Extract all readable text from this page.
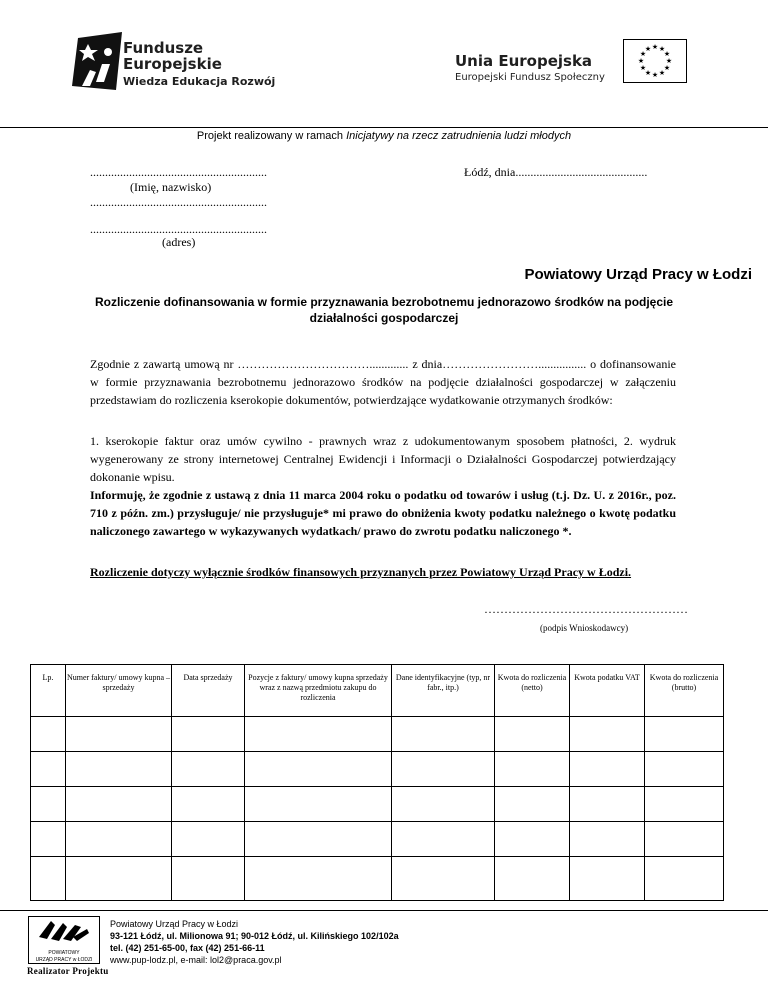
Fundusze
Europejskie
Wiedza Edukacja Rozwój
Unia Europejska
Europejski Fundusz Społeczny
★ ★
★
★
★
★
★
★
★
★
★
★
Projekt realizowany w ramach Inicjatywy na rzecz zatrudnienia ludzi młodych
...........................................................
(Imię, nazwisko)
...........................................................
...........................................................
(adres)
Łódź, dnia............................................
Powiatowy Urząd Pracy w Łodzi
Rozliczenie dofinansowania w formie przyznawania bezrobotnemu jednorazowo środków na podjęcie działalności gospodarczej
Zgodnie z zawartą umową nr ……………………………............. z dnia……………………................ o dofinansowanie w formie przyznawania bezrobotnemu jednorazowo środków na podjęcie działalności gospodarczej w załączeniu przedstawiam do rozliczenia kserokopie dokumentów, potwierdzające wydatkowanie otrzymanych środków:
1. kserokopie faktur oraz umów cywilno - prawnych wraz z udokumentowanym sposobem płatności, 2. wydruk wygenerowany ze strony internetowej Centralnej Ewidencji i Informacji o Działalności Gospodarczej potwierdzający dokonanie wpisu.
Informuję, że zgodnie z ustawą z dnia 11 marca 2004 roku o podatku od towarów i usług (t.j. Dz. U. z 2016r., poz. 710 z późn. zm.) przysługuje/ nie przysługuje* mi prawo do obniżenia kwoty podatku należnego o kwotę podatku naliczonego zawartego w wykazywanych wydatkach/ prawo do zwrotu podatku naliczonego *.
Rozliczenie dotyczy wyłącznie środków finansowych przyznanych przez Powiatowy Urząd Pracy w Łodzi.
……………………………………………
(podpis Wnioskodawcy)
Lp.	Numer faktury/ umowy kupna – sprzedaży	Data sprzedaży	Pozycje z faktury/ umowy kupna sprzedaży wraz z nazwą przedmiotu zakupu do rozliczenia	Dane identyfikacyjne (typ, nr fabr., itp.)	Kwota do rozliczenia (netto)	Kwota podatku VAT	Kwota do rozliczenia (brutto)

POWIATOWY
URZĄD PRACY w ŁODZI
Realizator Projektu
Powiatowy Urząd Pracy w Łodzi
93-121 Łódź, ul. Milionowa 91; 90-012 Łódź, ul. Kilińskiego 102/102a
tel. (42) 251-65-00, fax (42) 251-66-11
www.pup-lodz.pl, e-mail: lol2@praca.gov.pl
